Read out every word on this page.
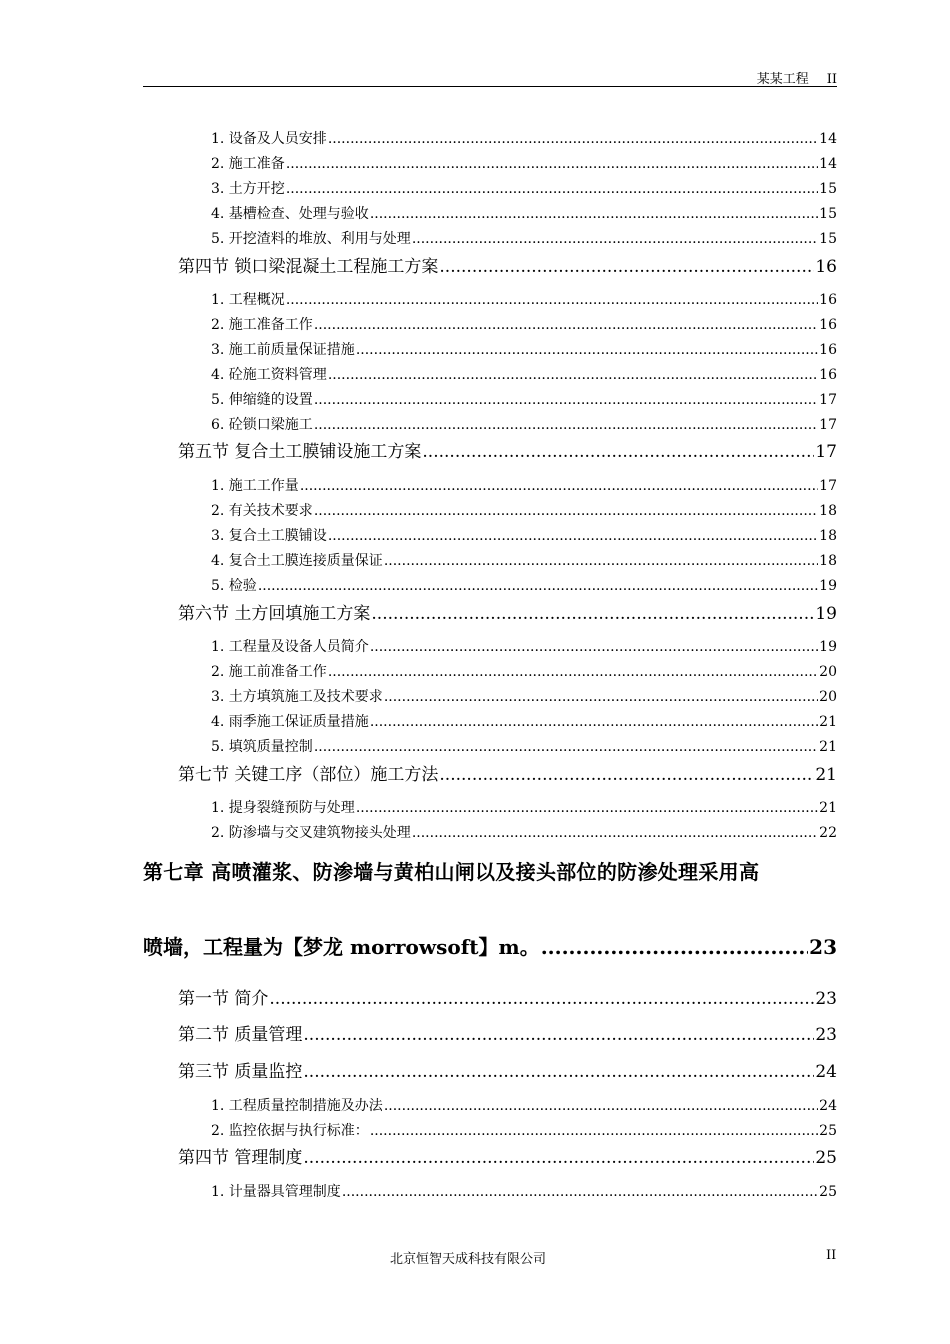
某某工程 II
1. 设备及人员安排 .....	14
2. 施工准备 .....	14
3. 土方开挖 .....	15
4. 基槽检查、处理与验收 .....	15
5. 开挖渣料的堆放、利用与处理 .....	15
第四节 锁口梁混凝土工程施工方案 .....	16
1. 工程概况 .....	16
2. 施工准备工作 .....	16
3. 施工前质量保证措施 .....	16
4. 砼施工资料管理 .....	16
5. 伸缩缝的设置 .....	17
6. 砼锁口梁施工 .....	17
第五节 复合土工膜铺设施工方案 .....	17
1. 施工工作量 .....	17
2. 有关技术要求 .....	18
3. 复合土工膜铺设 .....	18
4. 复合土工膜连接质量保证 .....	18
5. 检验 .....	19
第六节 土方回填施工方案 .....	19
1. 工程量及设备人员简介 .....	19
2. 施工前准备工作 .....	20
3. 土方填筑施工及技术要求 .....	20
4. 雨季施工保证质量措施 .....	21
5. 填筑质量控制 .....	21
第七节 关键工序（部位）施工方法 .....	21
1. 提身裂缝预防与处理 .....	21
2. 防渗墙与交叉建筑物接头处理 .....	22
第七章 高喷灌浆、防渗墙与黄柏山闸以及接头部位的防渗处理采用高
喷墙，工程量为【梦龙 morrowsoft】m。 .....	23
第一节 简介 .....	23
第二节 质量管理 .....	23
第三节 质量监控 .....	24
1. 工程质量控制措施及办法 .....	24
2. 监控依据与执行标准： .....	25
第四节 管理制度 .....	25
1. 计量器具管理制度 .....	25
北京恒智天成科技有限公司	II
